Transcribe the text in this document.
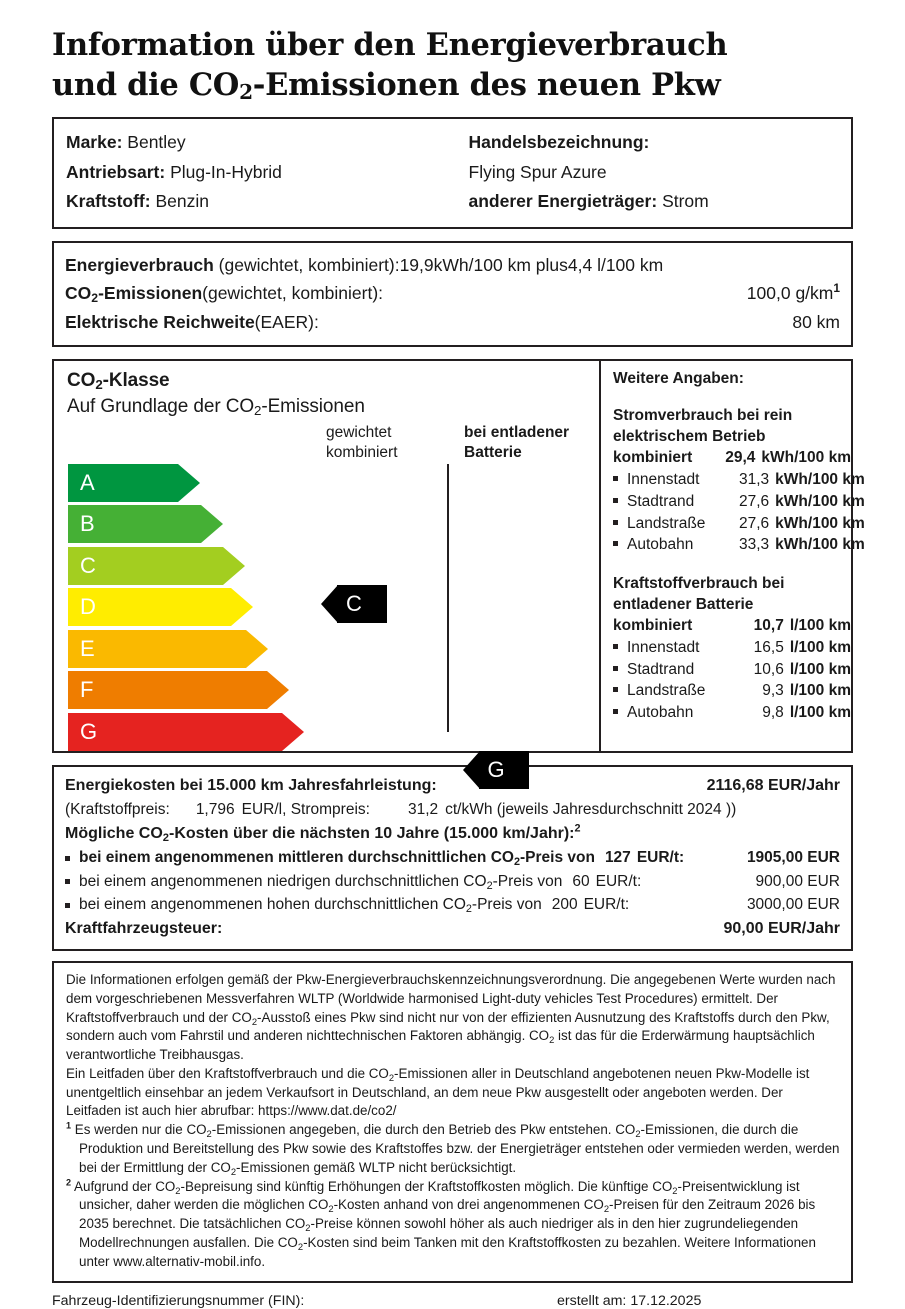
Information über den Energieverbrauch
und die $CO_2$-Emissionen des neuen Pkw
Marke: Bentley
Antriebsart: Plug-In-Hybrid
Kraftstoff: Benzin
Handelsbezeichnung:
Flying Spur Azure
anderer Energieträger: Strom
Energieverbrauch (gewichtet, kombiniert):19,9kWh/100 km plus4,4 l/100 km
CO2-Emissionen (gewichtet, kombiniert):	100,0 $g/km^1$
Elektrische Reichweite (EAER):	80 km
CO2-Klasse
Auf Grundlage der CO2-Emissionen
gewichtet
kombiniert
bei entladener
Batterie
A
B
C
C
D
E
F
G
G
Weitere Angaben:
Stromverbrauch bei rein
elektrischem Betrieb
kombiniert	29,4 kWh/100 km
Innenstadt	31,3 kWh/100 km
Stadtrand	27,6 kWh/100 km
Landstraße	27,6 kWh/100 km
Autobahn	33,3 kWh/100 km
Kraftstoffverbrauch bei
entladener Batterie
kombiniert	10,7 l/100 km
Innenstadt	16,5 l/100 km
Stadtrand	10,6 l/100 km
Landstraße	9,3 l/100 km
Autobahn	9,8 l/100 km
Energiekosten bei 15.000 km Jahresfahrleistung:	2116,68 EUR/Jahr
(Kraftstoffpreis: 1,796 EUR/l, Strompreis: 31,2 ct/kWh (jeweils Jahresdurchschnitt 2024 ))
Mögliche CO2-Kosten über die nächsten 10 Jahre (15.000 km/Jahr):$^2$
bei einem angenommenen mittleren durchschnittlichen CO2-Preis von 127 EUR/t:	1905,00 EUR
bei einem angenommenen niedrigen durchschnittlichen CO2-Preis von 60 EUR/t:	900,00 EUR
bei einem angenommenen hohen durchschnittlichen CO2-Preis von 200 EUR/t:	3000,00 EUR
Kraftfahrzeugsteuer:	90,00 EUR/Jahr

Die Informationen erfolgen gemäß der Pkw-Energieverbrauchskennzeichnungsverordnung. Die angegebenen Werte wurden nach dem vorgeschriebenen Messverfahren WLTP (Worldwide harmonised Light-duty vehicles Test Procedures) ermittelt. Der Kraftstoffverbrauch und der $CO_2$-Ausstoß eines Pkw sind nicht nur von der effizienten Ausnutzung des Kraftstoffs durch den Pkw, sondern auch vom Fahrstil und anderen nichttechnischen Faktoren abhängig. $CO_2$ ist das für die Erderwärmung hauptsächlich verantwortliche Treibhausgas.

Ein Leitfaden über den Kraftstoffverbrauch und die $CO_2$-Emissionen aller in Deutschland angebotenen neuen Pkw-Modelle ist unentgeltlich einsehbar an jedem Verkaufsort in Deutschland, an dem neue Pkw ausgestellt oder angeboten werden. Der Leitfaden ist auch hier abrufbar: https://www.dat.de/co2/

$^1$ Es werden nur die $CO_2$-Emissionen angegeben, die durch den Betrieb des Pkw entstehen. $CO_2$-Emissionen, die durch die Produktion und Bereitstellung des Pkw sowie des Kraftstoffes bzw. der Energieträger entstehen oder vermieden werden, werden bei der Ermittlung der $CO_2$-Emissionen gemäß WLTP nicht berücksichtigt.

$^2$ Aufgrund der $CO_2$-Bepreisung sind künftig Erhöhungen der Kraftstoffkosten möglich. Die künftige $CO_2$-Preisentwicklung ist unsicher, daher werden die möglichen $CO_2$-Kosten anhand von drei angenommenen $CO_2$-Preisen für den Zeitraum 2026 bis 2035 berechnet. Die tatsächlichen $CO_2$-Preise können sowohl höher als auch niedriger als in den hier zugrundeliegenden Modellrechnungen ausfallen. Die $CO_2$-Kosten sind beim Tanken mit den Kraftstoffkosten zu bezahlen. Weitere Informationen unter www.alternativ-mobil.info.

Fahrzeug-Identifizierungsnummer (FIN):	erstellt am: 17.12.2025
